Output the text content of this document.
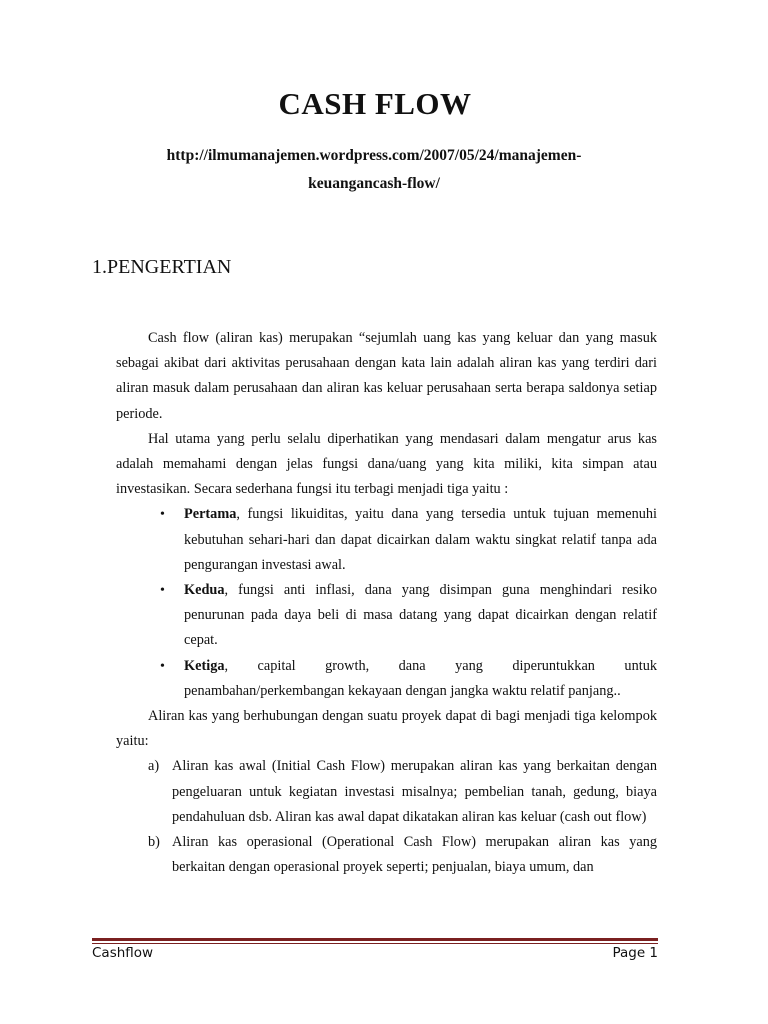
CASH FLOW
http://ilmumanajemen.wordpress.com/2007/05/24/manajemen-
keuangancash-flow/
1.PENGERTIAN

Cash flow (aliran kas) merupakan “sejumlah uang kas yang keluar dan yang masuk sebagai akibat dari aktivitas perusahaan dengan kata lain adalah aliran kas yang terdiri dari aliran masuk dalam perusahaan dan aliran kas keluar perusahaan serta berapa saldonya setiap periode.

Hal utama yang perlu selalu diperhatikan yang mendasari dalam mengatur arus kas adalah memahami dengan jelas fungsi dana/uang yang kita miliki, kita simpan atau investasikan. Secara sederhana fungsi itu terbagi menjadi tiga yaitu :

• Pertama, fungsi likuiditas, yaitu dana yang tersedia untuk tujuan memenuhi kebutuhan sehari-hari dan dapat dicairkan dalam waktu singkat relatif tanpa ada pengurangan investasi awal.
• Kedua, fungsi anti inflasi, dana yang disimpan guna menghindari resiko penurunan pada daya beli di masa datang yang dapat dicairkan dengan relatif cepat.
• Ketiga, capital growth, dana yang diperuntukkan untuk penambahan/perkembangan kekayaan dengan jangka waktu relatif panjang..

Aliran kas yang berhubungan dengan suatu proyek dapat di bagi menjadi tiga kelompok yaitu:

a) Aliran kas awal (Initial Cash Flow) merupakan aliran kas yang berkaitan dengan pengeluaran untuk kegiatan investasi misalnya; pembelian tanah, gedung, biaya pendahuluan dsb. Aliran kas awal dapat dikatakan aliran kas keluar (cash out flow)
b) Aliran kas operasional (Operational Cash Flow) merupakan aliran kas yang berkaitan dengan operasional proyek seperti; penjualan, biaya umum, dan
Cashflow	Page 1
